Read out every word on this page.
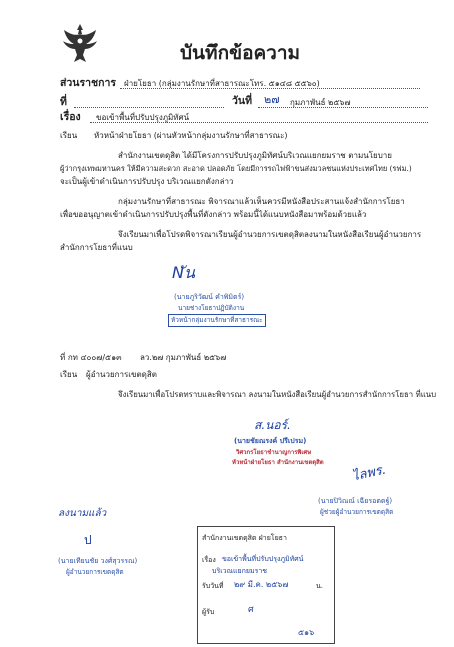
บันทึกข้อความ
ส่วนราชการ ฝ่ายโยธา (กลุ่มงานรักษาที่สาธารณะโทร. ๕๑๔๘ ๕๕๖๐)
ที่	วันที่ ๒๗ กุมภาพันธ์ ๒๕๖๗
เรื่อง ขอเข้าพื้นที่ปรับปรุงภูมิทัศน์
เรียน หัวหน้าฝ่ายโยธา (ผ่านหัวหน้ากลุ่มงานรักษาที่สาธารณะ)
สำนักงานเขตดุสิต ได้มีโครงการปรับปรุงภูมิทัศน์บริเวณแยกยมราช ตามนโยบาย
ผู้ว่ากรุงเทพมหานคร ให้มีความสะดวก สะอาด ปลอดภัย โดยมีการรถไฟฟ้าขนส่งมวลชนแห่งประเทศไทย (รฟม.)
จะเป็นผู้เข้าดำเนินการปรับปรุง บริเวณแยกดังกล่าว
กลุ่มงานรักษาที่สาธารณะ พิจารณาแล้วเห็นควรมีหนังสือประสานแจ้งสำนักการโยธา
เพื่อขออนุญาตเข้าดำเนินการปรับปรุงพื้นที่ดังกล่าว พร้อมนี้ได้แนบหนังสือมาพร้อมด้วยแล้ว
จึงเรียนมาเพื่อโปรดพิจารณาเรียนผู้อำนวยการเขตดุสิตลงนามในหนังสือเรียนผู้อำนวยการ
สำนักการโยธาที่แนบ
Nัน
(นายภูริวัฒน์ คำพิมิตร์)
นายช่างโยธาปฏิบัติงาน
หัวหน้ากลุ่มงานรักษาที่สาธารณะ
ที่ กท ๔๐๐๗/๕๑๓ ลว.๒๗ กุมภาพันธ์ ๒๕๖๗
เรียน ผู้อำนวยการเขตดุสิต
จึงเรียนมาเพื่อโปรดทราบและพิจารณา ลงนามในหนังสือเรียนผู้อำนวยการสำนักการโยธา ที่แนบ
ส.นอร์.
(นายชัยณรงค์ ปรีเปรม)
วิศวกรโยธาชำนาญการพิเศษ
หัวหน้าฝ่ายโยธา สำนักงานเขตดุสิต
ไลพร.
(นายปิวิณณ์ เฉียรอตตฐ์)
ผู้ช่วยผู้อำนวยการเขตดุสิต
ลงนามแล้ว
ป
(นายเทียนชัย วงศ์สุวรรณ)
ผู้อำนวยการเขตดุสิต
สำนักงานเขตดุสิต ฝ่ายโยธา
เรื่อง ขอเข้าพื้นที่ปรับปรุงภูมิทัศน์
บริเวณแยกยมราช
รับวันที่ ๒๙ มี.ค. ๒๕๖๗	น.
ผู้รับ	ศ
๕๑๖
